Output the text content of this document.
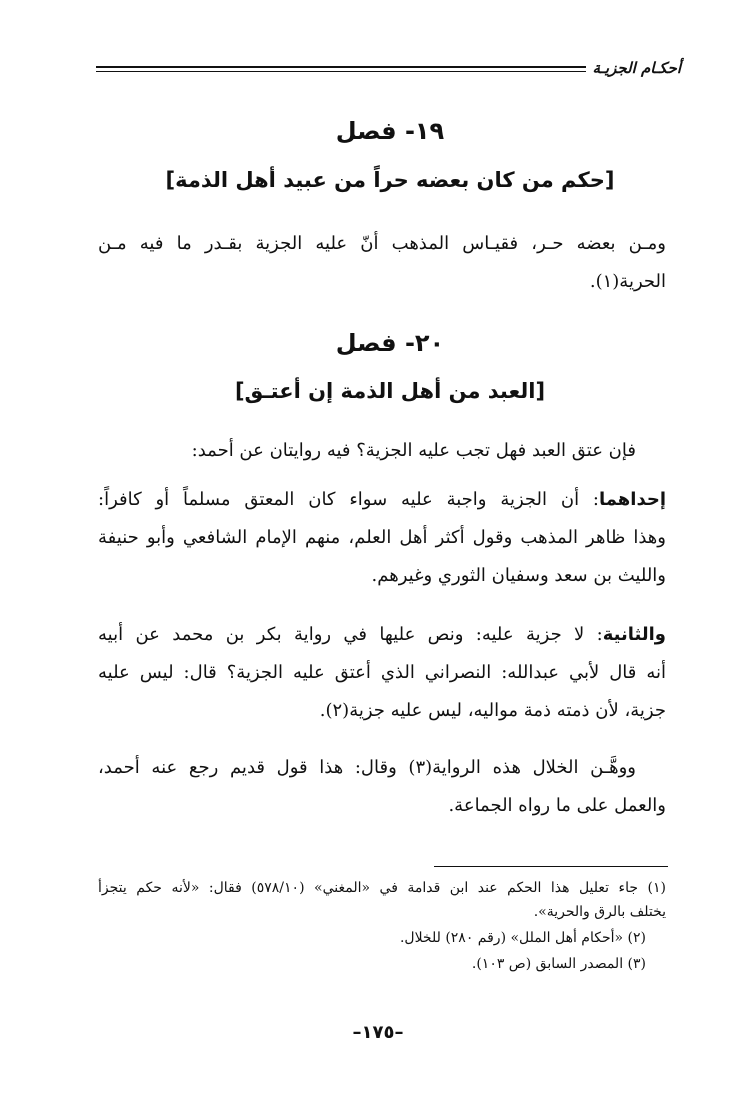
أحكـام الجزيـة
١٩- فصل
[حكم من كان بعضه حراً من عبيد أهل الذمة]
ومـن بعضه حـر، فقيـاس المذهب أنّ عليه الجزية بقـدر ما فيه مـن
الحرية(١).
٢٠- فصل
[العبد من أهل الذمة إن أعتـق]
فإن عتق العبد فهل تجب عليه الجزية؟ فيه روايتان عن أحمد:
إحداهما: أن الجزية واجبة عليه سواء كان المعتق مسلماً أو كافراً:
وهذا ظاهر المذهب وقول أكثر أهل العلم، منهم الإمام الشافعي وأبو حنيفة
والليث بن سعد وسفيان الثوري وغيرهم.
والثانية: لا جزية عليه: ونص عليها في رواية بكر بن محمد عن أبيه
أنه قال لأبي عبدالله: النصراني الذي أعتق عليه الجزية؟ قال: ليس عليه
جزية، لأن ذمته ذمة مواليه، ليس عليه جزية(٢).
ووهَّـن الخلال هذه الرواية(٣) وقال: هذا قول قديم رجع عنه أحمد،
والعمل على ما رواه الجماعة.
(١) جاء تعليل هذا الحكم عند ابن قدامة في «المغني» (٥٧٨/١٠) فقال: «لأنه حكم يتجزأ
يختلف بالرق والحرية».
(٢) «أحكام أهل الملل» (رقم ٢٨٠) للخلال.
(٣) المصدر السابق (ص ١٠٣).
–١٧٥–
